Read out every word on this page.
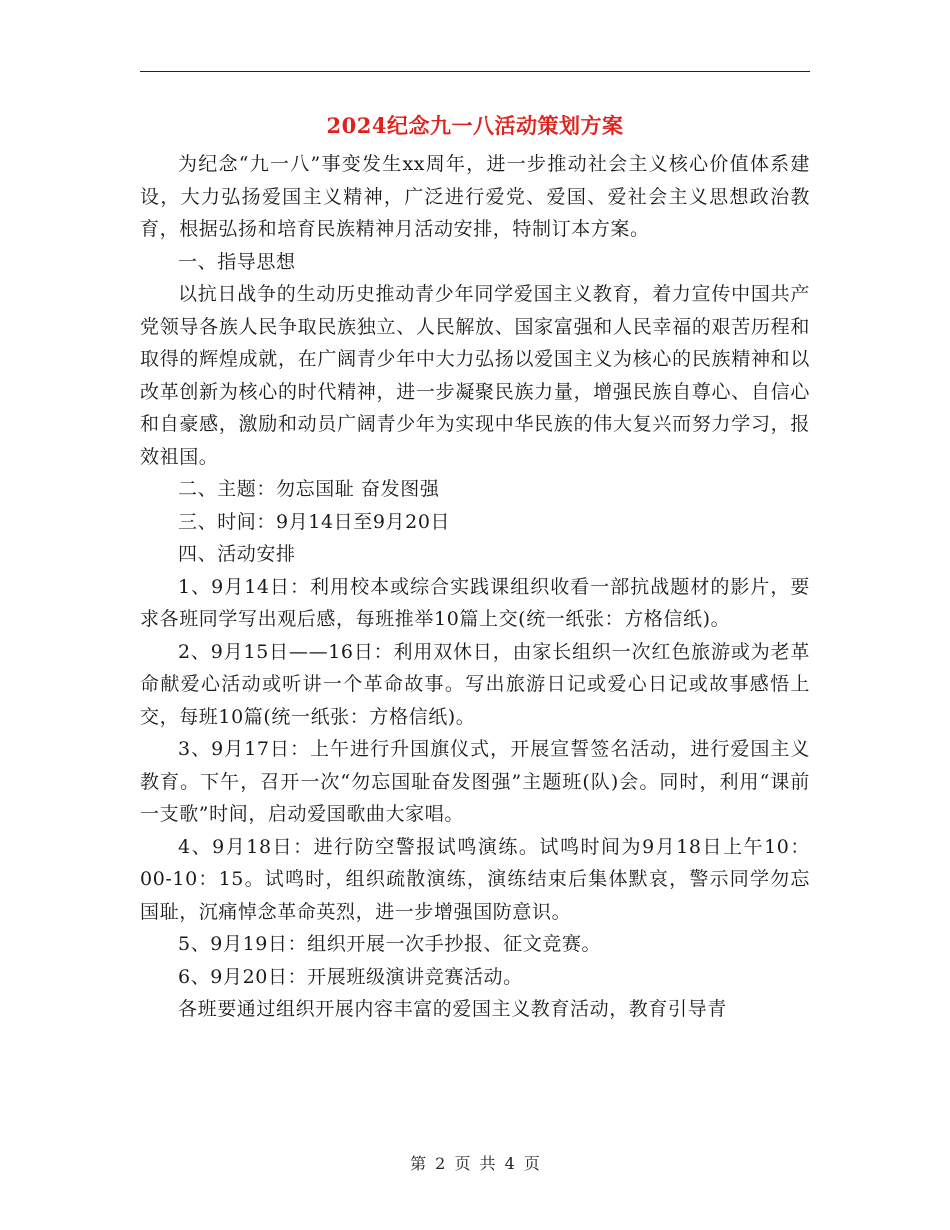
2024纪念九一八活动策划方案

为纪念“九一八”事变发生xx周年，进一步推动社会主义核心价值体系建设，大力弘扬爱国主义精神，广泛进行爱党、爱国、爱社会主义思想政治教育，根据弘扬和培育民族精神月活动安排，特制订本方案。

一、指导思想

以抗日战争的生动历史推动青少年同学爱国主义教育，着力宣传中国共产党领导各族人民争取民族独立、人民解放、国家富强和人民幸福的艰苦历程和取得的辉煌成就，在广阔青少年中大力弘扬以爱国主义为核心的民族精神和以改革创新为核心的时代精神，进一步凝聚民族力量，增强民族自尊心、自信心和自豪感，激励和动员广阔青少年为实现中华民族的伟大复兴而努力学习，报效祖国。

二、主题：勿忘国耻 奋发图强

三、时间：9月14日至9月20日

四、活动安排

1、9月14日：利用校本或综合实践课组织收看一部抗战题材的影片，要求各班同学写出观后感，每班推举10篇上交(统一纸张：方格信纸)。

2、9月15日——16日：利用双休日，由家长组织一次红色旅游或为老革命献爱心活动或听讲一个革命故事。写出旅游日记或爱心日记或故事感悟上交，每班10篇(统一纸张：方格信纸)。

3、9月17日：上午进行升国旗仪式，开展宣誓签名活动，进行爱国主义教育。下午，召开一次“勿忘国耻奋发图强”主题班(队)会。同时，利用“课前一支歌”时间，启动爱国歌曲大家唱。

4、9月18日：进行防空警报试鸣演练。试鸣时间为9月18日上午10：00-10：15。试鸣时，组织疏散演练，演练结束后集体默哀，警示同学勿忘国耻，沉痛悼念革命英烈，进一步增强国防意识。

5、9月19日：组织开展一次手抄报、征文竞赛。

6、9月20日：开展班级演讲竞赛活动。

各班要通过组织开展内容丰富的爱国主义教育活动，教育引导青

第 2 页 共 4 页
